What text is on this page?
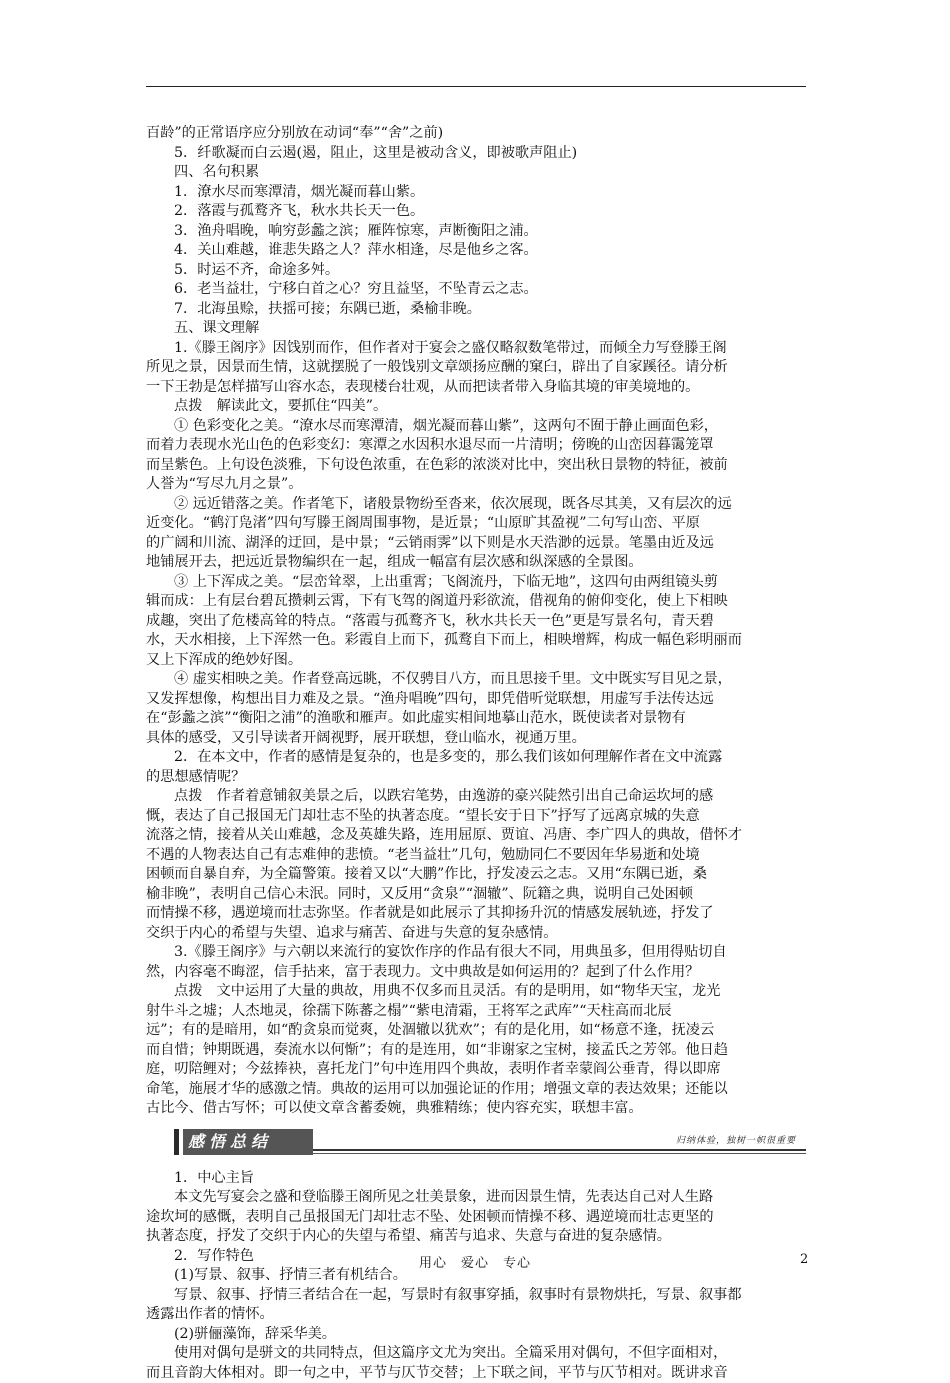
百龄”的正常语序应分别放在动词“奉”“舍”之前)

5．纤歌凝而白云遏(遏，阻止，这里是被动含义，即被歌声阻止)

四、名句积累

1．潦水尽而寒潭清，烟光凝而暮山紫。

2．落霞与孤鹜齐飞，秋水共长天一色。

3．渔舟唱晚，响穷彭蠡之滨；雁阵惊寒，声断衡阳之浦。

4．关山难越，谁悲失路之人？萍水相逢，尽是他乡之客。

5．时运不齐，命途多舛。

6．老当益壮，宁移白首之心？穷且益坚，不坠青云之志。

7．北海虽赊，扶摇可接；东隅已逝，桑榆非晚。

五、课文理解

1.《滕王阁序》因饯别而作，但作者对于宴会之盛仅略叙数笔带过，而倾全力写登滕王阁

所见之景，因景而生情，这就摆脱了一般饯别文章颂扬应酬的窠臼，辟出了自家蹊径。请分析

一下王勃是怎样描写山容水态，表现楼台壮观，从而把读者带入身临其境的审美境地的。

点拨　解读此文，要抓住“四美”。

① 色彩变化之美。“潦水尽而寒潭清，烟光凝而暮山紫”，这两句不囿于静止画面色彩，

而着力表现水光山色的色彩变幻：寒潭之水因积水退尽而一片清明；傍晚的山峦因暮霭笼罩

而呈紫色。上句设色淡雅，下句设色浓重，在色彩的浓淡对比中，突出秋日景物的特征，被前

人誉为“写尽九月之景”。

② 远近错落之美。作者笔下，诸般景物纷至沓来，依次展现，既各尽其美，又有层次的远

近变化。“鹤汀凫渚”四句写滕王阁周围事物，是近景；“山原旷其盈视”二句写山峦、平原

的广阔和川流、湖泽的迂回，是中景；“云销雨霁”以下则是水天浩渺的远景。笔墨由近及远

地铺展开去，把远近景物编织在一起，组成一幅富有层次感和纵深感的全景图。

③ 上下浑成之美。“层峦耸翠，上出重霄；飞阁流丹，下临无地”，这四句由两组镜头剪

辑而成：上有层台碧瓦攒刺云霄，下有飞驾的阁道丹彩欲流，借视角的俯仰变化，使上下相映

成趣，突出了危楼高耸的特点。“落霞与孤鹜齐飞，秋水共长天一色”更是写景名句，青天碧

水，天水相接，上下浑然一色。彩霞自上而下，孤鹜自下而上，相映增辉，构成一幅色彩明丽而

又上下浑成的绝妙好图。

④ 虚实相映之美。作者登高远眺，不仅骋目八方，而且思接千里。文中既实写目见之景，

又发挥想像，构想出目力难及之景。“渔舟唱晚”四句，即凭借听觉联想，用虚写手法传达远

在“彭蠡之滨”“衡阳之浦”的渔歌和雁声。如此虚实相间地摹山范水，既使读者对景物有

具体的感受，又引导读者开阔视野，展开联想，登山临水，视通万里。

2．在本文中，作者的感情是复杂的，也是多变的，那么我们该如何理解作者在文中流露

的思想感情呢？

点拨　作者着意铺叙美景之后，以跌宕笔势，由逸游的豪兴陡然引出自己命运坎坷的感

慨，表达了自己报国无门却壮志不坠的执著态度。“望长安于日下”抒写了远离京城的失意

流落之情，接着从关山难越，念及英雄失路，连用屈原、贾谊、冯唐、李广四人的典故，借怀才

不遇的人物表达自己有志难伸的悲愤。“老当益壮”几句，勉励同仁不要因年华易逝和处境

困顿而自暴自弃，为全篇警策。接着又以“大鹏”作比，抒发凌云之志。又用“东隅已逝，桑

榆非晚”，表明自己信心未泯。同时，又反用“贪泉”“涸辙”、阮籍之典，说明自己处困顿

而情操不移，遇逆境而壮志弥坚。作者就是如此展示了其抑扬升沉的情感发展轨迹，抒发了

交织于内心的希望与失望、追求与痛苦、奋进与失意的复杂感情。

3.《滕王阁序》与六朝以来流行的宴饮作序的作品有很大不同，用典虽多，但用得贴切自

然，内容毫不晦涩，信手拈来，富于表现力。文中典故是如何运用的？起到了什么作用？

点拨　文中运用了大量的典故，用典不仅多而且灵活。有的是明用，如“物华天宝，龙光

射牛斗之墟；人杰地灵，徐孺下陈蕃之榻”“紫电清霜，王将军之武库”“天柱高而北辰

远”；有的是暗用，如“酌贪泉而觉爽，处涸辙以犹欢”；有的是化用，如“杨意不逢，抚凌云

而自惜；钟期既遇，奏流水以何惭”；有的是连用，如“非谢家之宝树，接孟氏之芳邻。他日趋

庭，叨陪鲤对；今兹捧袂，喜托龙门”句中连用四个典故，表明作者幸蒙阎公垂青，得以即席

命笔，施展才华的感激之情。典故的运用可以加强论证的作用；增强文章的表达效果；还能以

古比今、借古写怀；可以使文章含蓄委婉，典雅精练；使内容充实，联想丰富。

感悟总结	归纳体验，独树一帜很重要

1．中心主旨

本文先写宴会之盛和登临滕王阁所见之壮美景象，进而因景生情，先表达自己对人生路

途坎坷的感慨，表明自己虽报国无门却壮志不坠、处困顿而情操不移、遇逆境而壮志更坚的

执著态度，抒发了交织于内心的失望与希望、痛苦与追求、失意与奋进的复杂感情。

2．写作特色

(1)写景、叙事、抒情三者有机结合。

写景、叙事、抒情三者结合在一起，写景时有叙事穿插，叙事时有景物烘托，写景、叙事都

透露出作者的情怀。

(2)骈俪藻饰，辞采华美。

使用对偶句是骈文的共同特点，但这篇序文尤为突出。全篇采用对偶句，不但字面相对，

而且音韵大体相对。即一句之中，平节与仄节交替；上下联之间，平节与仄节相对。既讲求音

用心　爱心　专心	2
